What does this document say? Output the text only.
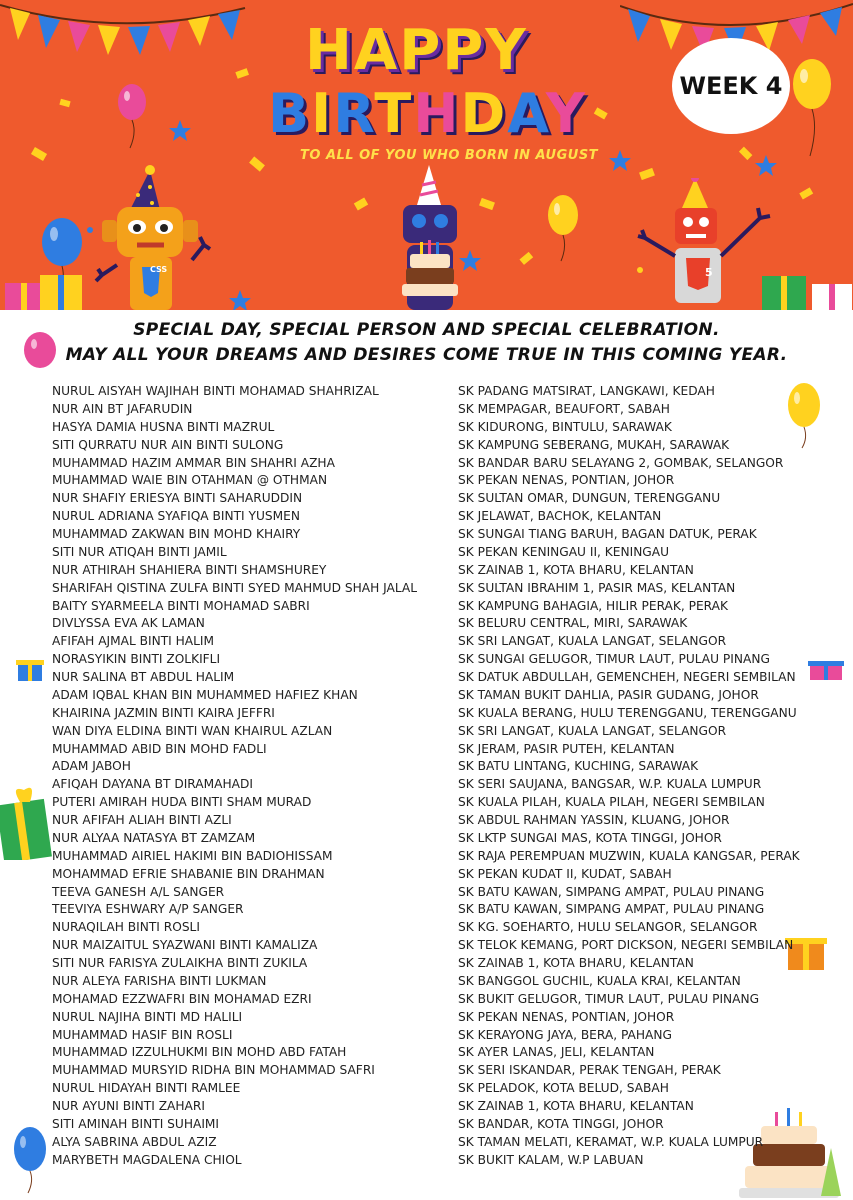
HAPPY
BIRTHDAY
TO ALL OF YOU WHO BORN IN AUGUST
WEEK 4
CSS	5
SPECIAL DAY, SPECIAL PERSON AND SPECIAL CELEBRATION.
MAY ALL YOUR DREAMS AND DESIRES COME TRUE IN THIS COMING YEAR.
NURUL AISYAH WAJIHAH BINTI MOHAMAD SHAHRIZAL
NUR AIN BT JAFARUDIN
HASYA DAMIA HUSNA BINTI MAZRUL
SITI QURRATU NUR AIN BINTI SULONG
MUHAMMAD HAZIM AMMAR BIN SHAHRI AZHA
MUHAMMAD WAIE BIN OTAHMAN @ OTHMAN
NUR SHAFIY ERIESYA BINTI SAHARUDDIN
NURUL ADRIANA SYAFIQA BINTI YUSMEN
MUHAMMAD ZAKWAN BIN MOHD KHAIRY
SITI NUR ATIQAH BINTI JAMIL
NUR ATHIRAH SHAHIERA BINTI SHAMSHUREY
SHARIFAH QISTINA ZULFA BINTI SYED MAHMUD SHAH JALAL
BAITY SYARMEELA BINTI MOHAMAD SABRI
DIVLYSSA EVA AK LAMAN
AFIFAH AJMAL BINTI HALIM
NORASYIKIN BINTI ZOLKIFLI
NUR SALINA BT ABDUL HALIM
ADAM IQBAL KHAN BIN MUHAMMED HAFIEZ KHAN
KHAIRINA JAZMIN BINTI KAIRA JEFFRI
WAN DIYA ELDINA BINTI WAN KHAIRUL AZLAN
MUHAMMAD ABID BIN MOHD FADLI
ADAM JABOH
AFIQAH DAYANA BT DIRAMAHADI
PUTERI AMIRAH HUDA BINTI SHAM MURAD
NUR AFIFAH ALIAH BINTI AZLI
NUR ALYAA NATASYA BT ZAMZAM
MUHAMMAD AIRIEL HAKIMI BIN BADIOHISSAM
MOHAMMAD EFRIE SHABANIE BIN DRAHMAN
TEEVA GANESH A/L SANGER
TEEVIYA ESHWARY A/P SANGER
NURAQILAH BINTI ROSLI
NUR MAIZAITUL SYAZWANI BINTI KAMALIZA
SITI NUR FARISYA ZULAIKHA BINTI ZUKILA
NUR ALEYA FARISHA BINTI LUKMAN
MOHAMAD EZZWAFRI BIN MOHAMAD EZRI
NURUL NAJIHA BINTI MD HALILI
MUHAMMAD HASIF BIN ROSLI
MUHAMMAD IZZULHUKMI BIN MOHD ABD FATAH
MUHAMMAD MURSYID RIDHA BIN MOHAMMAD SAFRI
NURUL HIDAYAH BINTI RAMLEE
NUR AYUNI BINTI ZAHARI
SITI AMINAH BINTI SUHAIMI
ALYA SABRINA ABDUL AZIZ
MARYBETH MAGDALENA CHIOL
SK PADANG MATSIRAT, LANGKAWI, KEDAH
SK MEMPAGAR, BEAUFORT, SABAH
SK KIDURONG, BINTULU, SARAWAK
SK KAMPUNG SEBERANG, MUKAH, SARAWAK
SK BANDAR BARU SELAYANG 2, GOMBAK, SELANGOR
SK PEKAN NENAS, PONTIAN, JOHOR
SK SULTAN OMAR, DUNGUN, TERENGGANU
SK JELAWAT, BACHOK, KELANTAN
SK SUNGAI TIANG BARUH, BAGAN DATUK, PERAK
SK PEKAN KENINGAU II, KENINGAU
SK ZAINAB 1, KOTA BHARU, KELANTAN
SK SULTAN IBRAHIM 1, PASIR MAS, KELANTAN
SK KAMPUNG BAHAGIA, HILIR PERAK, PERAK
SK BELURU CENTRAL, MIRI, SARAWAK
SK SRI LANGAT, KUALA LANGAT, SELANGOR
SK SUNGAI GELUGOR, TIMUR LAUT, PULAU PINANG
SK DATUK ABDULLAH, GEMENCHEH, NEGERI SEMBILAN
SK TAMAN BUKIT DAHLIA, PASIR GUDANG, JOHOR
SK KUALA BERANG, HULU TERENGGANU, TERENGGANU
SK SRI LANGAT, KUALA LANGAT, SELANGOR
SK JERAM, PASIR PUTEH, KELANTAN
SK BATU LINTANG, KUCHING, SARAWAK
SK SERI SAUJANA, BANGSAR, W.P. KUALA LUMPUR
SK KUALA PILAH, KUALA PILAH, NEGERI SEMBILAN
SK ABDUL RAHMAN YASSIN, KLUANG, JOHOR
SK LKTP SUNGAI MAS, KOTA TINGGI, JOHOR
SK RAJA PEREMPUAN MUZWIN, KUALA KANGSAR, PERAK
SK PEKAN KUDAT II, KUDAT, SABAH
SK BATU KAWAN, SIMPANG AMPAT, PULAU PINANG
SK BATU KAWAN, SIMPANG AMPAT, PULAU PINANG
SK KG. SOEHARTO, HULU SELANGOR, SELANGOR
SK TELOK KEMANG, PORT DICKSON, NEGERI SEMBILAN
SK ZAINAB 1, KOTA BHARU, KELANTAN
SK BANGGOL GUCHIL, KUALA KRAI, KELANTAN
SK BUKIT GELUGOR, TIMUR LAUT, PULAU PINANG
SK PEKAN NENAS, PONTIAN, JOHOR
SK KERAYONG JAYA, BERA, PAHANG
SK AYER LANAS, JELI, KELANTAN
SK SERI ISKANDAR, PERAK TENGAH, PERAK
SK PELADOK, KOTA BELUD, SABAH
SK ZAINAB 1, KOTA BHARU, KELANTAN
SK BANDAR, KOTA TINGGI, JOHOR
SK TAMAN MELATI, KERAMAT, W.P. KUALA LUMPUR
SK BUKIT KALAM, W.P LABUAN
